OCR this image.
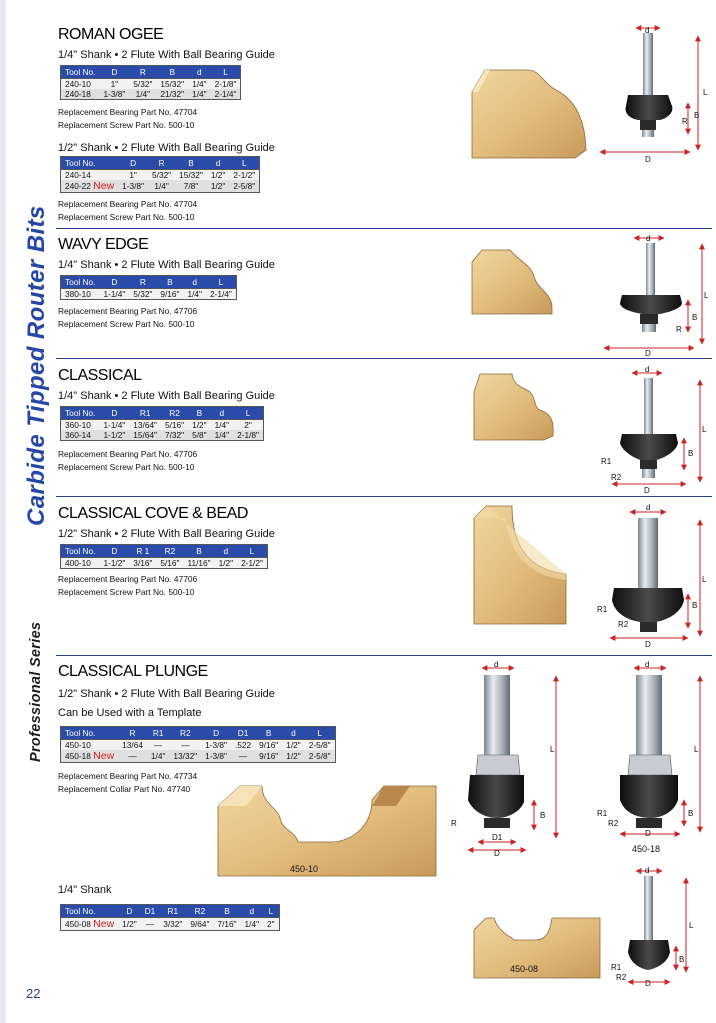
Professional Series
Carbide Tipped Router Bits
ROMAN OGEE
1/4" Shank • 2 Flute With Ball Bearing Guide
Tool No.	D	R	B	d	L
240-10	1"	5/32"	15/32"	1/4"	2-1/8"
240-18	1-3/8"	1/4"	21/32"	1/4"	2-1/4"
Replacement Bearing Part No. 47704
Replacement Screw Part No. 500-10
1/2" Shank • 2 Flute With Ball Bearing Guide
Tool No.	D	R	B	d	L
240-14	1"	5/32"	15/32"	1/2"	2-1/2"
240-22 New	1-3/8"	1/4"	7/8"	1/2"	2-5/8"
Replacement Bearing Part No. 47704
Replacement Screw Part No. 500-10
WAVY EDGE
1/4" Shank • 2 Flute With Ball Bearing Guide
Tool No.	D	R	B	d	L
380-10	1-1/4"	5/32"	9/16"	1/4"	2-1/4"
Replacement Bearing Part No. 47706
Replacement Screw Part No. 500-10
CLASSICAL
1/4" Shank • 2 Flute With Ball Bearing Guide
Tool No.	D	R1	R2	B	d	L
360-10	1-1/4"	13/64"	5/16"	1/2"	1/4"	2"
360-14	1-1/2"	15/64"	7/32"	5/8"	1/4"	2-1/8"
Replacement Bearing Part No. 47706
Replacement Screw Part No. 500-10
CLASSICAL COVE & BEAD
1/2" Shank • 2 Flute With Ball Bearing Guide
Tool No.	D	R 1	R2	B	d	L
400-10	1-1/2"	3/16"	5/16"	11/16"	1/2"	2-1/2"
Replacement Bearing Part No. 47706
Replacement Screw Part No. 500-10
CLASSICAL PLUNGE
1/2" Shank • 2 Flute With Ball Bearing Guide
Can be Used with a Template
Tool No.	R	R1	R2	D	D1	B	d	L
450-10	13/64	—	—	1-3/8"	.522	9/16"	1/2"	2-5/8"
450-18 New	—	1/4"	13/32"	1-3/8"	—	9/16"	1/2"	2-5/8"
Replacement Bearing Part No. 47734
Replacement Collar Part No. 47740
1/4" Shank
Tool No.	D	D1	R1	R2	B	d	L
450-08 New	1/2"	—	3/32"	9/64"	7/16"	1/4"	2"
22
d
L
B
R
D
d
L
B
R
D
d
L
B
R1
R2
D
d
L
B
R1
R2
D
d
L
B
R
D1
D
d
L
B
R1
R2
D
450-18
450-10
450-08
d
L
B
R1
R2
D
